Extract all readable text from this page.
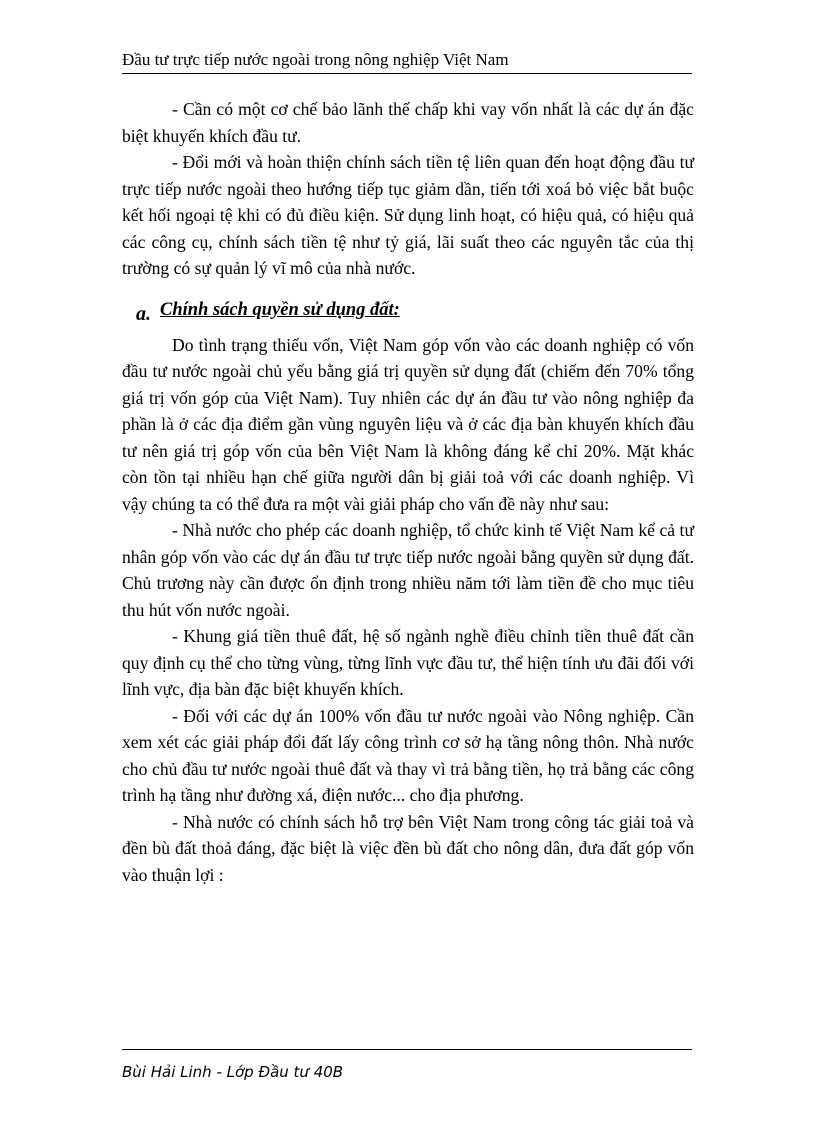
Đầu tư trực tiếp nước ngoài trong nông nghiệp Việt Nam

- Cần có một cơ chế bảo lãnh thế chấp khi vay vốn nhất là các dự án đặc biệt khuyến khích đầu tư.

- Đổi mới và hoàn thiện chính sách tiền tệ liên quan đến hoạt động đầu tư trực tiếp nước ngoài theo hướng tiếp tục giảm dần, tiến tới xoá bỏ việc bắt buộc kết hối ngoại tệ khi có đủ điều kiện. Sử dụng linh hoạt, có hiệu quả, có hiệu quả các công cụ, chính sách tiền tệ như tỷ giá, lãi suất theo các nguyên tắc của thị trường có sự quản lý vĩ mô của nhà nước.

a. Chính sách quyền sử dụng đất:

Do tình trạng thiếu vốn, Việt Nam góp vốn vào các doanh nghiệp có vốn đầu tư nước ngoài chủ yếu bằng giá trị quyền sử dụng đất (chiếm đến 70% tổng giá trị vốn góp của Việt Nam). Tuy nhiên các dự án đầu tư vào nông nghiệp đa phần là ở các địa điểm gần vùng nguyên liệu và ở các địa bàn khuyến khích đầu tư nên giá trị góp vốn của bên Việt Nam là không đáng kể chỉ 20%. Mặt khác còn tồn tại nhiều hạn chế giữa người dân bị giải toả với các doanh nghiệp. Vì vậy chúng ta có thể đưa ra một vài giải pháp cho vấn đề này như sau:

- Nhà nước cho phép các doanh nghiệp, tổ chức kinh tế Việt Nam kể cả tư nhân góp vốn vào các dự án đầu tư trực tiếp nước ngoài bằng quyền sử dụng đất. Chủ trương này cần được ổn định trong nhiều năm tới làm tiền đề cho mục tiêu thu hút vốn nước ngoài.

- Khung giá tiền thuê đất, hệ số ngành nghề điều chỉnh tiền thuê đất cần quy định cụ thể cho từng vùng, từng lĩnh vực đầu tư, thể hiện tính ưu đãi đối với lĩnh vực, địa bàn đặc biệt khuyến khích.

- Đối với các dự án 100% vốn đầu tư nước ngoài vào Nông nghiệp. Cần xem xét các giải pháp đổi đất lấy công trình cơ sở hạ tầng nông thôn. Nhà nước cho chủ đầu tư nước ngoài thuê đất và thay vì trả bằng tiền, họ trả bằng các công trình hạ tầng như đường xá, điện nước... cho địa phương.

- Nhà nước có chính sách hỗ trợ bên Việt Nam trong công tác giải toả và đền bù đất thoả đáng, đặc biệt là việc đền bù đất cho nông dân, đưa đất góp vốn vào thuận lợi :

Bùi Hải Linh - Lớp Đầu tư 40B
